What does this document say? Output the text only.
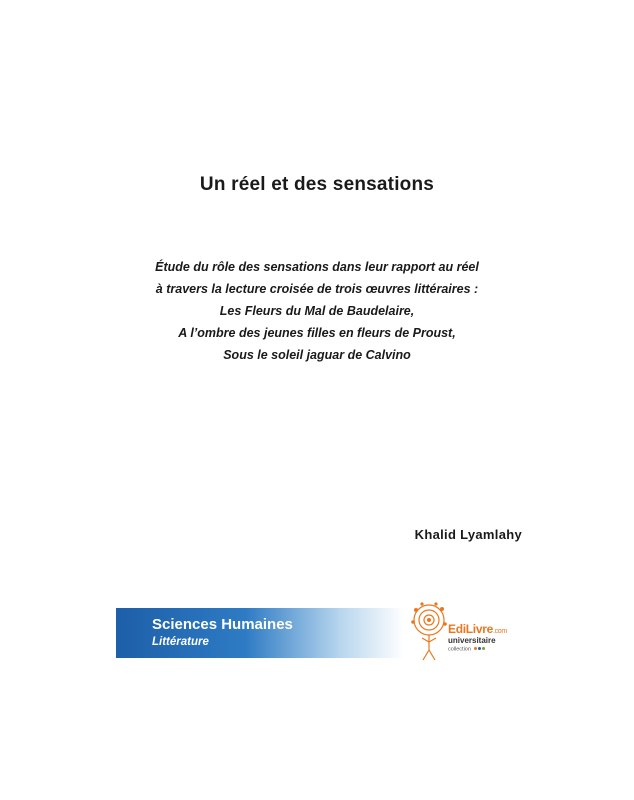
Un réel et des sensations
Étude du rôle des sensations dans leur rapport au réel
à travers la lecture croisée de trois œuvres littéraires :
Les Fleurs du Mal de Baudelaire,
A l’ombre des jeunes filles en fleurs de Proust,
Sous le soleil jaguar de Calvino
Khalid Lyamlahy
Sciences Humaines
Littérature
EdiLivre.com
universitaire
collection
